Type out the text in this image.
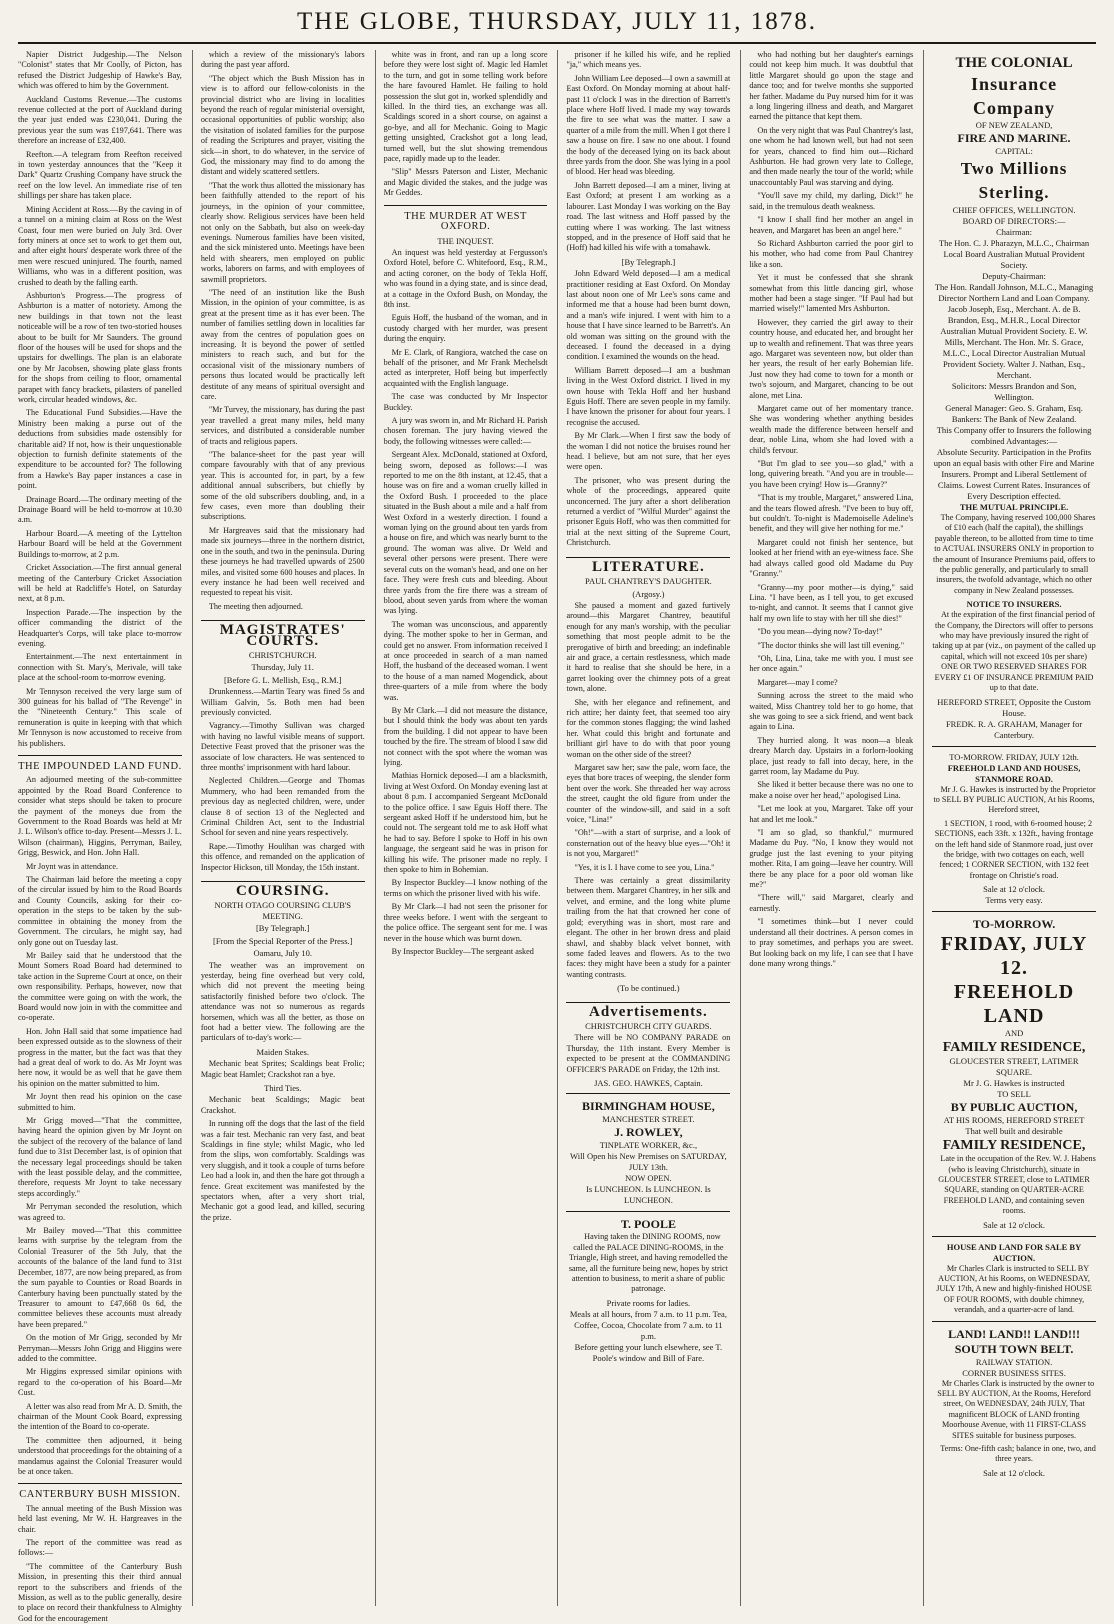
THE GLOBE, THURSDAY, JULY 11, 1878.

Napier District Judgeship.—The Nelson "Colonist" states that Mr Coolly, of Picton, has refused the District Judgeship of Hawke's Bay, which was offered to him by the Government.

Auckland Customs Revenue.—The customs revenue collected at the port of Auckland during the year just ended was £230,041. During the previous year the sum was £197,641. There was therefore an increase of £32,400.

Reefton.—A telegram from Reefton received in town yesterday announces that the "Keep it Dark" Quartz Crushing Company have struck the reef on the low level. An immediate rise of ten shillings per share has taken place.

Mining Accident at Ross.—By the caving in of a tunnel on a mining claim at Ross on the West Coast, four men were buried on July 3rd. Over forty miners at once set to work to get them out, and after eight hours' desperate work three of the men were rescued uninjured. The fourth, named Williams, who was in a different position, was crushed to death by the falling earth.

Ashburton's Progress.—The progress of Ashburton is a matter of notoriety. Among the new buildings in that town not the least noticeable will be a row of ten two-storied houses about to be built for Mr Saunders. The ground floor of the houses will be used for shops and the upstairs for dwellings. The plan is an elaborate one by Mr Jacobsen, showing plate glass fronts for the shops from ceiling to floor, ornamental parapet with fancy brackets, pilasters of panelled work, circular headed windows, &c.

The Educational Fund Subsidies.—Have the Ministry been making a purse out of the deductions from subsidies made ostensibly for charitable aid? If not, how is their unquestionable objection to furnish definite statements of the expenditure to be accounted for? The following from a Hawke's Bay paper instances a case in point.

Drainage Board.—The ordinary meeting of the Drainage Board will be held to-morrow at 10.30 a.m.

Harbour Board.—A meeting of the Lyttelton Harbour Board will be held at the Government Buildings to-morrow, at 2 p.m.

Cricket Association.—The first annual general meeting of the Canterbury Cricket Association will be held at Radcliffe's Hotel, on Saturday next, at 8 p.m.

Inspection Parade.—The inspection by the officer commanding the district of the Headquarter's Corps, will take place to-morrow evening.

Entertainment.—The next entertainment in connection with St. Mary's, Merivale, will take place at the school-room to-morrow evening.

Mr Tennyson received the very large sum of 300 guineas for his ballad of "The Revenge" in the "Nineteenth Century." This scale of remuneration is quite in keeping with that which Mr Tennyson is now accustomed to receive from his publishers.

THE IMPOUNDED LAND FUND.

An adjourned meeting of the sub-committee appointed by the Road Board Conference to consider what steps should be taken to procure the payment of the moneys due from the Government to the Road Boards was held at Mr J. L. Wilson's office to-day. Present—Messrs J. L. Wilson (chairman), Higgins, Perryman, Bailey, Grigg, Beswick, and Hon. John Hall.

Mr Joynt was in attendance.

The Chairman laid before the meeting a copy of the circular issued by him to the Road Boards and County Councils, asking for their co-operation in the steps to be taken by the sub-committee in obtaining the money from the Government. The circulars, he might say, had only gone out on Tuesday last.

Mr Bailey said that he understood that the Mount Somers Road Board had determined to take action in the Supreme Court at once, on their own responsibility. Perhaps, however, now that the committee were going on with the work, the Board would now join in with the committee and co-operate.

Hon. John Hall said that some impatience had been expressed outside as to the slowness of their progress in the matter, but the fact was that they had a great deal of work to do. As Mr Joynt was here now, it would be as well that he gave them his opinion on the matter submitted to him.

Mr Joynt then read his opinion on the case submitted to him.

Mr Grigg moved—"That the committee, having heard the opinion given by Mr Joynt on the subject of the recovery of the balance of land fund due to 31st December last, is of opinion that the necessary legal proceedings should be taken with the least possible delay, and the committee, therefore, requests Mr Joynt to take necessary steps accordingly."

Mr Perryman seconded the resolution, which was agreed to.

Mr Bailey moved—"That this committee learns with surprise by the telegram from the Colonial Treasurer of the 5th July, that the accounts of the balance of the land fund to 31st December, 1877, are now being prepared, as from the sum payable to Counties or Road Boards in Canterbury having been punctually stated by the Treasurer to amount to £47,668 0s 6d, the committee believes these accounts must already have been prepared."

On the motion of Mr Grigg, seconded by Mr Perryman—Messrs John Grigg and Higgins were added to the committee.

Mr Higgins expressed similar opinions with regard to the co-operation of his Board—Mr Cust.

A letter was also read from Mr A. D. Smith, the chairman of the Mount Cook Board, expressing the intention of the Board to co-operate.

The committee then adjourned, it being understood that proceedings for the obtaining of a mandamus against the Colonial Treasurer would be at once taken.

CANTERBURY BUSH MISSION.

The annual meeting of the Bush Mission was held last evening, Mr W. H. Hargreaves in the chair.

The report of the committee was read as follows:—

"The committee of the Canterbury Bush Mission, in presenting this their third annual report to the subscribers and friends of the Mission, as well as to the public generally, desire to place on record their thankfulness to Almighty God for the encouragement

which a review of the missionary's labors during the past year afford.

"The object which the Bush Mission has in view is to afford our fellow-colonists in the provincial district who are living in localities beyond the reach of regular ministerial oversight, occasional opportunities of public worship; also the visitation of isolated families for the purpose of reading the Scriptures and prayer, visiting the sick—in short, to do whatever, in the service of God, the missionary may find to do among the distant and widely scattered settlers.

"That the work thus allotted the missionary has been faithfully attended to the report of his journeys, in the opinion of your committee, clearly show. Religious services have been held not only on the Sabbath, but also on week-day evenings. Numerous families have been visited, and the sick ministered unto. Meetings have been held with shearers, men employed on public works, laborers on farms, and with employees of sawmill proprietors.

"The need of an institution like the Bush Mission, in the opinion of your committee, is as great at the present time as it has ever been. The number of families settling down in localities far away from the centres of population goes on increasing. It is beyond the power of settled ministers to reach such, and but for the occasional visit of the missionary numbers of persons thus located would be practically left destitute of any means of spiritual oversight and care.

"Mr Turvey, the missionary, has during the past year travelled a great many miles, held many services, and distributed a considerable number of tracts and religious papers.

"The balance-sheet for the past year will compare favourably with that of any previous year. This is accounted for, in part, by a few additional annual subscribers, but chiefly by some of the old subscribers doubling, and, in a few cases, even more than doubling their subscriptions.

Mr Hargreaves said that the missionary had made six journeys—three in the northern district, one in the south, and two in the peninsula. During these journeys he had travelled upwards of 2500 miles, and visited some 600 houses and places. In every instance he had been well received and requested to repeat his visit.

The meeting then adjourned.

MAGISTRATES' COURTS.
CHRISTCHURCH.
Thursday, July 11.
[Before G. L. Mellish, Esq., R.M.]

Drunkenness.—Martin Teary was fined 5s and William Galvin, 5s. Both men had been previously convicted.

Vagrancy.—Timothy Sullivan was charged with having no lawful visible means of support. Detective Feast proved that the prisoner was the associate of low characters. He was sentenced to three months' imprisonment with hard labour.

Neglected Children.—George and Thomas Mummery, who had been remanded from the previous day as neglected children, were, under clause 8 of section 13 of the Neglected and Criminal Children Act, sent to the Industrial School for seven and nine years respectively.

Rape.—Timothy Houlihan was charged with this offence, and remanded on the application of Inspector Hickson, till Monday, the 15th instant.

COURSING.
NORTH OTAGO COURSING CLUB'S MEETING.
[By Telegraph.]
[From the Special Reporter of the Press.]
Oamaru, July 10.

The weather was an improvement on yesterday, being fine overhead but very cold, which did not prevent the meeting being satisfactorily finished before two o'clock. The attendance was not so numerous as regards horsemen, which was all the better, as those on foot had a better view. The following are the particulars of to-day's work:—

Maiden Stakes.

Mechanic beat Sprites; Scaldings beat Frolic; Magic beat Hamlet; Crackshot ran a bye.

Third Ties.

Mechanic beat Scaldings; Magic beat Crackshot.

In running off the dogs that the last of the field was a fair test. Mechanic ran very fast, and beat Scaldings in fine style; whilst Magic, who led from the slips, won comfortably. Scaldings was very sluggish, and it took a couple of turns before Leo had a look in, and then the hare got through a fence. Great excitement was manifested by the spectators when, after a very short trial, Mechanic got a good lead, and killed, securing the prize.

white was in front, and ran up a long score before they were lost sight of. Magic led Hamlet to the turn, and got in some telling work before the hare favoured Hamlet. He failing to hold possession the slut got in, worked splendidly and killed. In the third ties, an exchange was all. Scaldings scored in a short course, on against a go-bye, and all for Mechanic. Going to Magic getting unsighted, Crackshot got a long lead, turned well, but the slut showing tremendous pace, rapidly made up to the leader.

"Slip" Messrs Paterson and Lister, Mechanic and Magic divided the stakes, and the judge was Mr Geddes.

THE MURDER AT WEST OXFORD.
THE INQUEST.

An inquest was held yesterday at Fergusson's Oxford Hotel, before C. Whitefoord, Esq., R.M., and acting coroner, on the body of Tekla Hoff, who was found in a dying state, and is since dead, at a cottage in the Oxford Bush, on Monday, the 8th inst.

Eguis Hoff, the husband of the woman, and in custody charged with her murder, was present during the enquiry.

Mr E. Clark, of Rangiora, watched the case on behalf of the prisoner, and Mr Frank Mechelsdt acted as interpreter, Hoff being but imperfectly acquainted with the English language.

The case was conducted by Mr Inspector Buckley.

A jury was sworn in, and Mr Richard H. Parish chosen foreman. The jury having viewed the body, the following witnesses were called:—

Sergeant Alex. McDonald, stationed at Oxford, being sworn, deposed as follows:—I was reported to me on the 8th instant, at 12.45, that a house was on fire and a woman cruelly killed in the Oxford Bush. I proceeded to the place situated in the Bush about a mile and a half from West Oxford in a westerly direction. I found a woman lying on the ground about ten yards from a house on fire, and which was nearly burnt to the ground. The woman was alive. Dr Weld and several other persons were present. There were several cuts on the woman's head, and one on her face. They were fresh cuts and bleeding. About three yards from the fire there was a stream of blood, about seven yards from where the woman was lying.

The woman was unconscious, and apparently dying. The mother spoke to her in German, and could get no answer. From information received I at once proceeded in search of a man named Hoff, the husband of the deceased woman. I went to the house of a man named Mogendick, about three-quarters of a mile from where the body was.

By Mr Clark.—I did not measure the distance, but I should think the body was about ten yards from the building. I did not appear to have been touched by the fire. The stream of blood I saw did not connect with the spot where the woman was lying.

Mathias Hornick deposed—I am a blacksmith, living at West Oxford. On Monday evening last at about 8 p.m. I accompanied Sergeant McDonald to the police office. I saw Eguis Hoff there. The sergeant asked Hoff if he understood him, but he could not. The sergeant told me to ask Hoff what he had to say. Before I spoke to Hoff in his own language, the sergeant said he was in prison for killing his wife. The prisoner made no reply. I then spoke to him in Bohemian.

By Inspector Buckley—I know nothing of the terms on which the prisoner lived with his wife.

By Mr Clark—I had not seen the prisoner for three weeks before. I went with the sergeant to the police office. The sergeant sent for me. I was never in the house which was burnt down.

By Inspector Buckley—The sergeant asked

prisoner if he killed his wife, and he replied "ja," which means yes.

John William Lee deposed—I own a sawmill at East Oxford. On Monday morning at about half-past 11 o'clock I was in the direction of Barrett's place where Hoff lived. I made my way towards the fire to see what was the matter. I saw a quarter of a mile from the mill. When I got there I saw a house on fire. I saw no one about. I found the body of the deceased lying on its back about three yards from the door. She was lying in a pool of blood. Her head was bleeding.

John Barrett deposed—I am a miner, living at East Oxford; at present I am working as a labourer. Last Monday I was working on the Bay road. The last witness and Hoff passed by the cutting where I was working. The last witness stopped, and in the presence of Hoff said that he (Hoff) had killed his wife with a tomahawk.

[By Telegraph.]

John Edward Weld deposed—I am a medical practitioner residing at East Oxford. On Monday last about noon one of Mr Lee's sons came and informed me that a house had been burnt down, and a man's wife injured. I went with him to a house that I have since learned to be Barrett's. An old woman was sitting on the ground with the deceased. I found the deceased in a dying condition. I examined the wounds on the head.

William Barrett deposed—I am a bushman living in the West Oxford district. I lived in my own house with Tekla Hoff and her husband Eguis Hoff. There are seven people in my family. I have known the prisoner for about four years. I recognise the accused.

By Mr Clark.—When I first saw the body of the woman I did not notice the bruises round her head. I believe, but am not sure, that her eyes were open.

The prisoner, who was present during the whole of the proceedings, appeared quite unconcerned. The jury after a short deliberation returned a verdict of "Wilful Murder" against the prisoner Eguis Hoff, who was then committed for trial at the next sitting of the Supreme Court, Christchurch.

LITERATURE.
PAUL CHANTREY'S DAUGHTER.
(Argosy.)

She paused a moment and gazed furtively around—this Margaret Chantrey, beautiful enough for any man's worship, with the peculiar something that most people admit to be the prerogative of birth and breeding; an indefinable air and grace, a certain restlessness, which made it hard to realise that she should be here, in a garret looking over the chimney pots of a great town, alone.

She, with her elegance and refinement, and rich attire; her dainty feet, that seemed too airy for the common stones flagging; the wind lashed her. What could this bright and fortunate and brilliant girl have to do with that poor young woman on the other side of the street?

Margaret saw her; saw the pale, worn face, the eyes that bore traces of weeping, the slender form bent over the work. She threaded her way across the street, caught the old figure from under the counter of the window-sill, and said in a soft voice, "Lina!"

"Oh!"—with a start of surprise, and a look of consternation out of the heavy blue eyes—"Oh! it is not you, Margaret!"

"Yes, it is I. I have come to see you, Lina."

There was certainly a great dissimilarity between them. Margaret Chantrey, in her silk and velvet, and ermine, and the long white plume trailing from the hat that crowned her cone of gold; everything was in short, most rare and elegant. The other in her brown dress and plaid shawl, and shabby black velvet bonnet, with some faded leaves and flowers. As to the two faces: they might have been a study for a painter wanting contrasts.

(To be continued.)
Advertisements.
CHRISTCHURCH CITY GUARDS.

There will be NO COMPANY PARADE on Thursday, the 11th instant. Every Member is expected to be present at the COMMANDING OFFICER'S PARADE on Friday, the 12th inst.

JAS. GEO. HAWKES, Captain.
BIRMINGHAM HOUSE,
MANCHESTER STREET.
J. ROWLEY,
TINPLATE WORKER, &c.,
Will Open his New Premises on SATURDAY, JULY 13th.
NOW OPEN.
Is LUNCHEON. Is LUNCHEON. Is LUNCHEON.
T. POOLE

Having taken the DINING ROOMS, now called the PALACE DINING-ROOMS, in the Triangle, High street, and having remodelled the same, all the furniture being new, hopes by strict attention to business, to merit a share of public patronage.

Private rooms for ladies.
Meals at all hours, from 7 a.m. to 11 p.m. Tea, Coffee, Cocoa, Chocolate from 7 a.m. to 11 p.m.
Before getting your lunch elsewhere, see T. Poole's window and Bill of Fare.

who had nothing but her daughter's earnings could not keep him much. It was doubtful that little Margaret should go upon the stage and dance too; and for twelve months she supported her father. Madame du Puy nursed him for it was a long lingering illness and death, and Margaret earned the pittance that kept them.

On the very night that was Paul Chantrey's last, one whom he had known well, but had not seen for years, chanced to find him out—Richard Ashburton. He had grown very late to College, and then made nearly the tour of the world; while unaccountably Paul was starving and dying.

"You'll save my child, my darling, Dick!" he said, in the tremulous death weakness.

"I know I shall find her mother an angel in heaven, and Margaret has been an angel here."

So Richard Ashburton carried the poor girl to his mother, who had come from Paul Chantrey like a son.

Yet it must be confessed that she shrank somewhat from this little dancing girl, whose mother had been a stage singer. "If Paul had but married wisely!" lamented Mrs Ashburton.

However, they carried the girl away to their country house, and educated her, and brought her up to wealth and refinement. That was three years ago. Margaret was seventeen now, but older than her years, the result of her early Bohemian life. Just now they had come to town for a month or two's sojourn, and Margaret, chancing to be out alone, met Lina.

Margaret came out of her momentary trance. She was wondering whether anything besides wealth made the difference between herself and dear, noble Lina, whom she had loved with a child's fervour.

"But I'm glad to see you—so glad," with a long, quivering breath. "And you are in trouble—you have been crying! How is—Granny?"

"That is my trouble, Margaret," answered Lina, and the tears flowed afresh. "I've been to buy off, but couldn't. To-night is Mademoiselle Adeline's benefit, and they will give her nothing for me."

Margaret could not finish her sentence, but looked at her friend with an eye-witness face. She had always called good old Madame du Puy "Granny."

"Granny—my poor mother—is dying," said Lina. "I have been, as I tell you, to get excused to-night, and cannot. It seems that I cannot give half my own life to stay with her till she dies!"

"Do you mean—dying now? To-day!"

"The doctor thinks she will last till evening."

"Oh, Lina, Lina, take me with you. I must see her once again."

Margaret—may I come?

Sunning across the street to the maid who waited, Miss Chantrey told her to go home, that she was going to see a sick friend, and went back again to Lina.

They hurried along. It was noon—a bleak dreary March day. Upstairs in a forlorn-looking place, just ready to fall into decay, here, in the garret room, lay Madame du Puy.

She liked it better because there was no one to make a noise over her head," apologised Lina.

"Let me look at you, Margaret. Take off your hat and let me look."

"I am so glad, so thankful," murmured Madame du Puy. "No, I know they would not grudge just the last evening to your pitying mother. Rita, I am going—leave her country. Will there be any place for a poor old woman like me?"

"There will," said Margaret, clearly and earnestly.

"I sometimes think—but I never could understand all their doctrines. A person comes in to pray sometimes, and perhaps you are sweet. But looking back on my life, I can see that I have done many wrong things."

THE COLONIAL
Insurance Company
OF NEW ZEALAND,
FIRE AND MARINE.
CAPITAL:
Two Millions Sterling.
CHIEF OFFICES, WELLINGTON.
BOARD OF DIRECTORS:—
Chairman:
The Hon. C. J. Pharazyn, M.L.C., Chairman Local Board Australian Mutual Provident Society.
Deputy-Chairman:
The Hon. Randall Johnson, M.L.C., Managing Director Northern Land and Loan Company.
Jacob Joseph, Esq., Merchant. A. de B. Brandon, Esq., M.H.R., Local Director Australian Mutual Provident Society. E. W. Mills, Merchant. The Hon. Mr. S. Grace, M.L.C., Local Director Australian Mutual Provident Society. Walter J. Nathan, Esq., Merchant.
Solicitors: Messrs Brandon and Son, Wellington.
General Manager: Geo. S. Graham, Esq.
Bankers: The Bank of New Zealand.
This Company offer to Insurers the following combined Advantages:—
Absolute Security. Participation in the Profits upon an equal basis with other Fire and Marine Insurers. Prompt and Liberal Settlement of Claims. Lowest Current Rates. Insurances of Every Description effected.
THE MUTUAL PRINCIPLE.

The Company, having reserved 100,000 Shares of £10 each (half the capital), the shillings payable thereon, to be allotted from time to time to ACTUAL INSURERS ONLY in proportion to the amount of Insurance Premiums paid, offers to the public generally, and particularly to small insurers, the twofold advantage, which no other company in New Zealand possesses.

NOTICE TO INSURERS.

At the expiration of the first financial period of the Company, the Directors will offer to persons who may have previously insured the right of taking up at par (viz., on payment of the called up capital, which will not exceed 10s per share) ONE OR TWO RESERVED SHARES FOR EVERY £1 OF INSURANCE PREMIUM PAID up to that date.

HEREFORD STREET, Opposite the Custom House.
FREDK. R. A. GRAHAM, Manager for Canterbury.
TO-MORROW. FRIDAY, JULY 12th.
FREEHOLD LAND AND HOUSES, STANMORE ROAD.

Mr J. G. Hawkes is instructed by the Proprietor to SELL BY PUBLIC AUCTION, At his Rooms, Hereford street,

1 SECTION, 1 rood, with 6-roomed house; 2 SECTIONS, each 33ft. x 132ft., having frontage on the left hand side of Stanmore road, just over the bridge, with two cottages on each, well fenced; 1 CORNER SECTION, with 132 feet frontage on Christie's road.

Sale at 12 o'clock.
Terms very easy.
TO-MORROW.
FRIDAY, JULY 12.
FREEHOLD LAND
AND
FAMILY RESIDENCE,
GLOUCESTER STREET, LATIMER SQUARE.
Mr J. G. Hawkes is instructed
TO SELL
BY PUBLIC AUCTION,
AT HIS ROOMS, HEREFORD STREET
That well built and desirable
FAMILY RESIDENCE,

Late in the occupation of the Rev. W. J. Habens (who is leaving Christchurch), situate in GLOUCESTER STREET, close to LATIMER SQUARE, standing on QUARTER-ACRE FREEHOLD LAND, and containing seven rooms.

Sale at 12 o'clock.
HOUSE AND LAND FOR SALE BY AUCTION.

Mr Charles Clark is instructed to SELL BY AUCTION, At his Rooms, on WEDNESDAY, JULY 17th, A new and highly-finished HOUSE OF FOUR ROOMS, with double chimney, verandah, and a quarter-acre of land.

LAND! LAND!! LAND!!!
SOUTH TOWN BELT.
RAILWAY STATION.
CORNER BUSINESS SITES.

Mr Charles Clark is instructed by the owner to SELL BY AUCTION, At the Rooms, Hereford street, On WEDNESDAY, 24th JULY, That magnificent BLOCK of LAND fronting Moorhouse Avenue, with 11 FIRST-CLASS SITES suitable for business purposes.

Terms: One-fifth cash; balance in one, two, and three years.

Sale at 12 o'clock.
